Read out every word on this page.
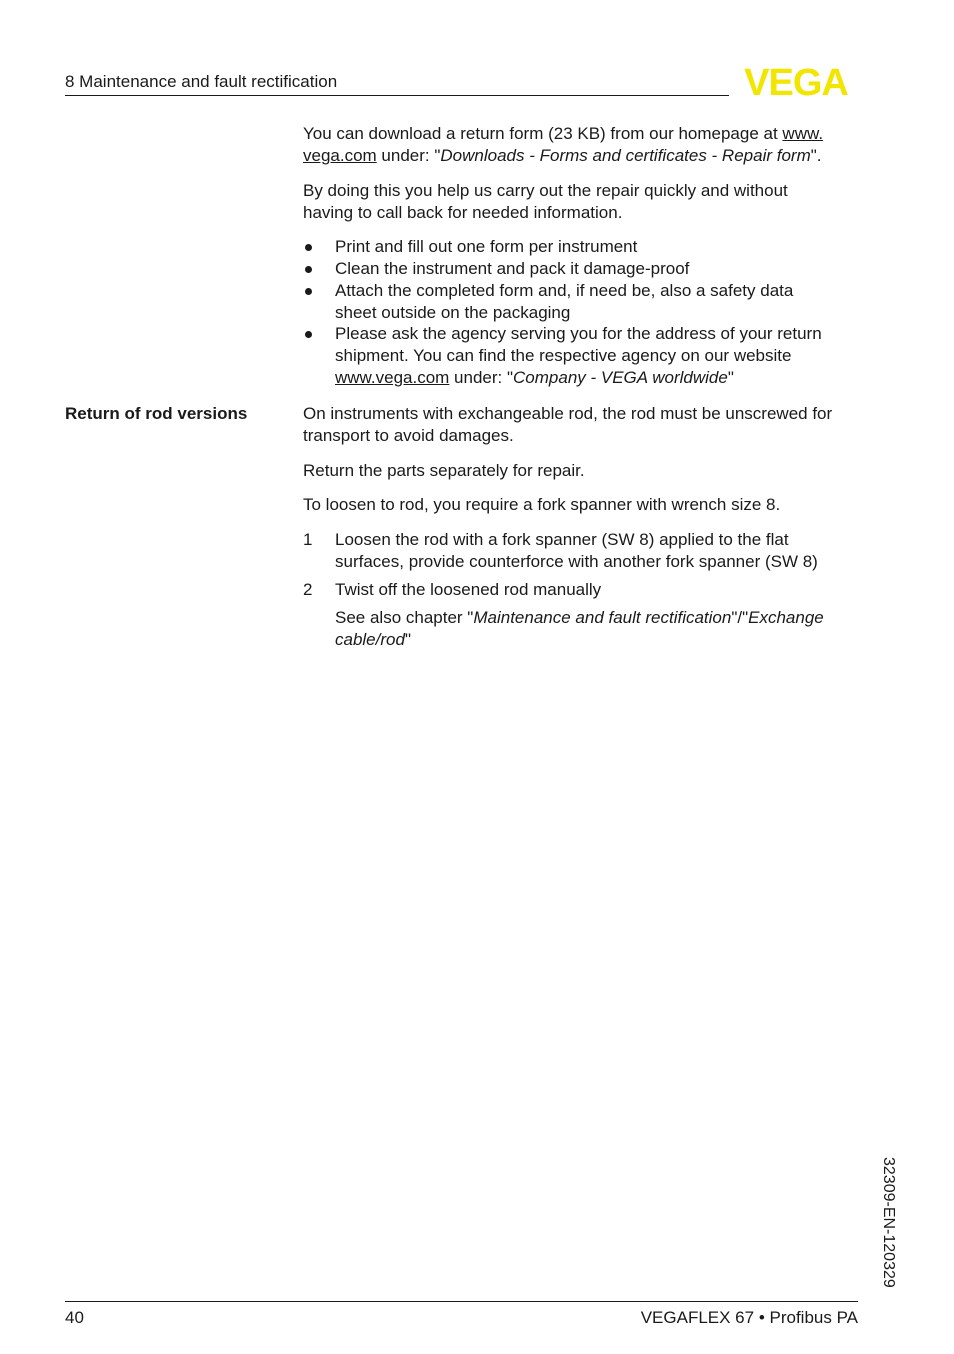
8 Maintenance and fault rectification	VEGA
You can download a return form (23 KB) from our homepage at www.
vega.com under: "Downloads - Forms and certificates - Repair form".
By doing this you help us carry out the repair quickly and without
having to call back for needed information.
Print and fill out one form per instrument
Clean the instrument and pack it damage-proof
Attach the completed form and, if need be, also a safety data
sheet outside on the packaging
Please ask the agency serving you for the address of your return
shipment. You can find the respective agency on our website
www.vega.com under: "Company - VEGA worldwide"
Return of rod versions	On instruments with exchangeable rod, the rod must be unscrewed for
transport to avoid damages.
Return the parts separately for repair.
To loosen to rod, you require a fork spanner with wrench size 8.
1 Loosen the rod with a fork spanner (SW 8) applied to the flat
surfaces, provide counterforce with another fork spanner (SW 8)
2 Twist off the loosened rod manually
See also chapter "Maintenance and fault rectification"/"Exchange
cable/rod"
32309-EN-120329
40	VEGAFLEX 67 • Profibus PA
